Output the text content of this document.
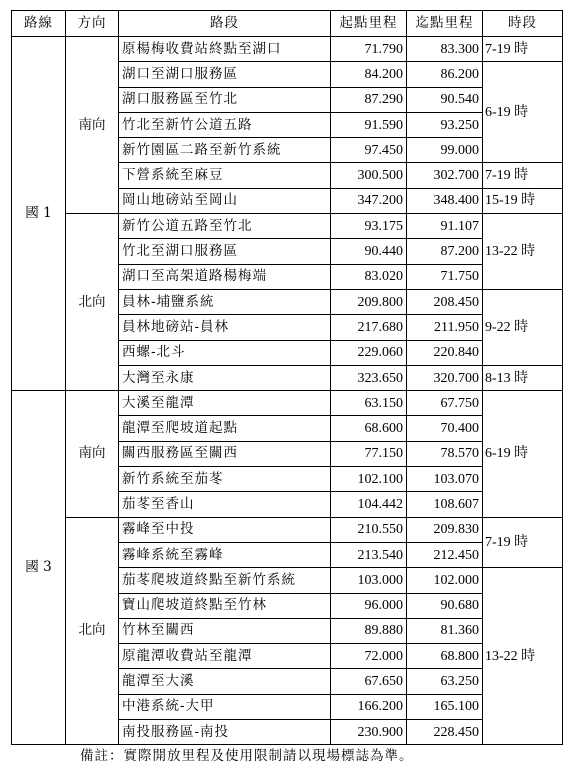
路線	方向	路段	起點里程	迄點里程	時段
國 1	南向	原楊梅收費站終點至湖口	71.790	83.300	7-19 時
		湖口至湖口服務區	84.200	86.200	6-19 時
		湖口服務區至竹北	87.290	90.540	
		竹北至新竹公道五路	91.590	93.250	
		新竹園區二路至新竹系統	97.450	99.000	
		下營系統至麻豆	300.500	302.700	7-19 時
		岡山地磅站至岡山	347.200	348.400	15-19 時
	北向	新竹公道五路至竹北	93.175	91.107	13-22 時
		竹北至湖口服務區	90.440	87.200	
		湖口至高架道路楊梅端	83.020	71.750	
		員林-埔鹽系統	209.800	208.450	9-22 時
		員林地磅站-員林	217.680	211.950	
		西螺-北斗	229.060	220.840	
		大灣至永康	323.650	320.700	8-13 時
國 3	南向	大溪至龍潭	63.150	67.750	6-19 時
		龍潭至爬坡道起點	68.600	70.400	
		關西服務區至關西	77.150	78.570	
		新竹系統至茄苳	102.100	103.070	
		茄苳至香山	104.442	108.607	
	北向	霧峰至中投	210.550	209.830	7-19 時
		霧峰系統至霧峰	213.540	212.450	
		茄苳爬坡道終點至新竹系統	103.000	102.000	13-22 時
		寶山爬坡道終點至竹林	96.000	90.680	
		竹林至關西	89.880	81.360	
		原龍潭收費站至龍潭	72.000	68.800	
		龍潭至大溪	67.650	63.250	
		中港系統-大甲	166.200	165.100	
		南投服務區-南投	230.900	228.450	
備註：實際開放里程及使用限制請以現場標誌為準。
